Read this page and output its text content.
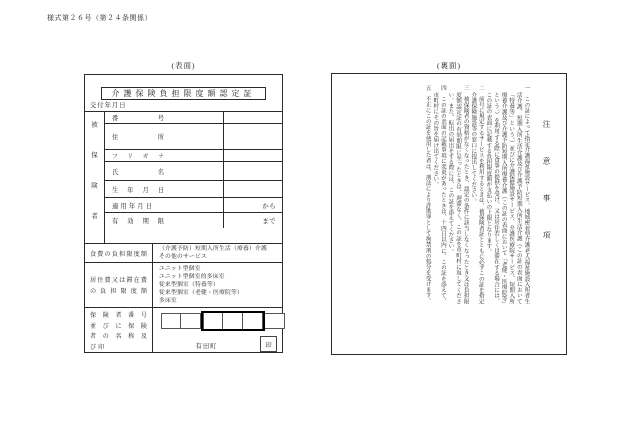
様式第２６号（第２４条関係）
(表面)	(裏面)
介護保険負担限度額認定証
交付年月日
被保険者
番　号
住　所
フリガナ
氏　名
生年月日
適用年月日	から
有効期限	まで
食費の負担限度額
（介護予防）短期入所生活（療養）介護
その他のサービス
居住費又は滞在費
の負担限度額
ユニット型個室
ユニット型個室的多床室
従来型個室（特養等）
従来型個室（老健・医療院等）
多床室
保険者番号
並びに保険
者の名称及
び印	有田町	印
注　意　事　項
一　この証によって指定介護福祉施設サービス、地域密着型介護老人福祉施設入所者生活介護、短期入所生活介護及び介護予防短期入所生活介護（この証の表面において「特養等」という。）並びに介護保健施設サービス、介護医療院サービス、短期入所療養介護及び介護予防短期入所療養介護（この証の表面において「老健・医療院等」という。）を利用する際に食事の提供を受け、又は居住若しくは滞在する場合には、この証の表面に記載する負担限度額が支払いの上限となります。
二　前号に規定するサービスを利用するときは、被保険者証とともに必ずこの証を指定介護保険施設等の窓口に提出してください。
三　被保険者の資格がなくなったとき、認定の条件に該当しなくなったとき又は負担限度額認定証の有効期限に至ったときは、遅滞なく、この証を市町村に返してください。また、転出の届出をする際には、この証を添えてください。
四　この証の表面の記載事項に変更があったときは、十四日以内に、この証を添えて、市町村にその旨を届け出てください。
五　不正にこの証を使用した者は、刑法により詐欺罪として拘禁刑の処分を受けます。
